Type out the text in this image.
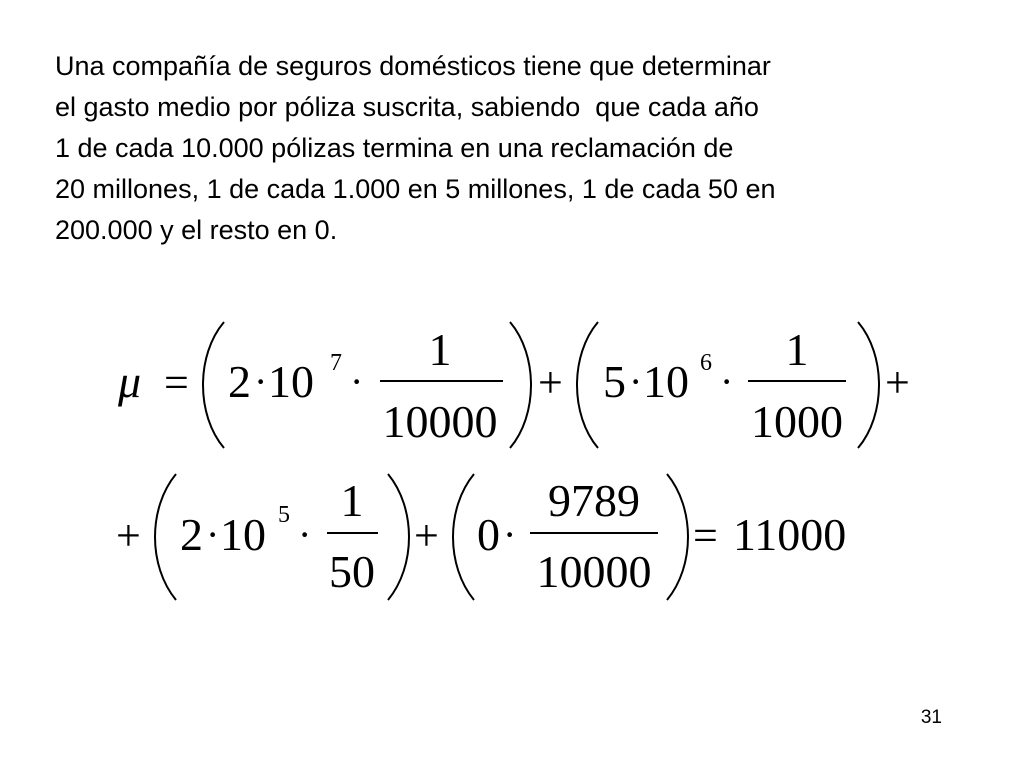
Una compañía de seguros domésticos tiene que determinar
el gasto medio por póliza suscrita, sabiendo  que cada año
1 de cada 10.000 pólizas termina en una reclamación de
20 millones, 1 de cada 1.000 en 5 millones, 1 de cada 50 en
200.000 y el resto en 0.
μ = 2 · 10 7 ·
1
10000
+ 5 · 10 6 ·
1
1000
+
+ 2 · 10 5 ·
1
50
+ 0 ·
9789
10000
= 11000
31
